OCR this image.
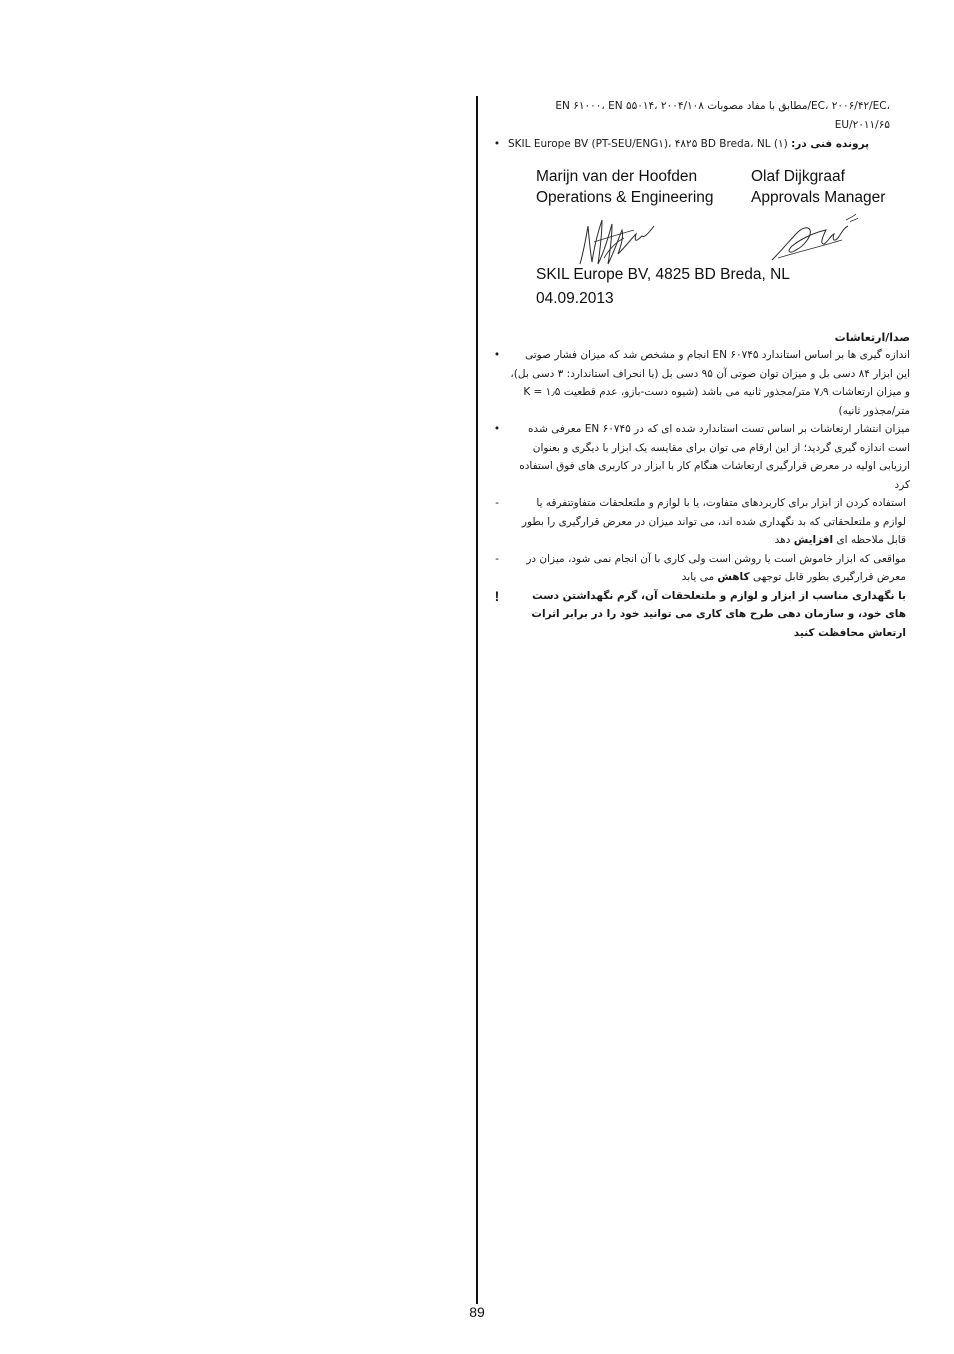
EN ۶۱۰۰۰، EN ۵۵۰۱۴، مطابق با مفاد مصوبات ۲۰۰۴/۱۰۸/EC، ۲۰۰۶/۴۲/EC،
EU/۲۰۱۱/۶۵
•	پرونده فنی در: (۱) SKIL Europe BV (PT-SEU/ENG۱)، ۴۸۲۵ BD Breda، NL
Marijn van der Hoofden
Operations & Engineering
Olaf Dijkgraaf
Approvals Manager
SKIL Europe BV, 4825 BD Breda, NL
04.09.2013
صدا/ارتعاشات
•	اندازه گیری ها بر اساس استاندارد EN ۶۰۷۴۵ انجام و مشخص شد که میزان فشار صوتی این ابزار ۸۴ دسی بل و میزان توان صوتی آن ۹۵ دسی بل (با انحراف استاندارد: ۳ دسی بل)، و میزان ارتعاشات ۷٫۹ متر/مجذور ثانیه می باشد (شیوه دست-بازو، عدم قطعیت K = ۱٫۵ متر/مجذور ثانیه)
•	میزان انتشار ارتعاشات بر اساس تست استاندارد شده ای که در EN ۶۰۷۴۵ معرفی شده است اندازه گیری گردید؛ از این ارقام می توان برای مقایسه یک ابزار با دیگری و بعنوان ارزیابی اولیه در معرض قرارگیری ارتعاشات هنگام کار با ابزار در کاربری های فوق استفاده کرد
-	استفاده کردن از ابزار برای کاربردهای متفاوت، یا با لوازم و ملتعلحقات متفاوتتفرقه یا لوازم و ملتعلحقاتی که بد نگهداری شده اند، می تواند میزان در معرض قرارگیری را بطور قابل ملاحظه ای افزایش دهد
-	مواقعی که ابزار خاموش است یا روشن است ولی کاری با آن انجام نمی شود، میزان در معرض قرارگیری بطور قابل توجهی کاهش می یابد
!	با نگهداری مناسب از ابزار و لوازم و ملتعلحقات آن، گرم نگهداشتن دست های خود، و سازمان دهی طرح های کاری می توانید خود را در برابر اثرات ارتعاش محافظت کنید
89
